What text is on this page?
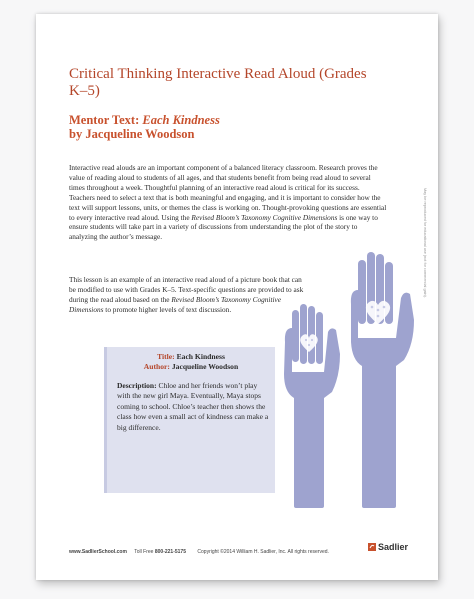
Critical Thinking Interactive Read Aloud (Grades K–5)
Mentor Text: Each Kindness
by Jacqueline Woodson

Interactive read alouds are an important component of a balanced literacy classroom. Research proves the value of reading aloud to students of all ages, and that students benefit from being read aloud to several times throughout a week. Thoughtful planning of an interactive read aloud is critical for its success. Teachers need to select a text that is both meaningful and engaging, and it is important to consider how the text will support lessons, units, or themes the class is working on. Thought-provoking questions are essential to every interactive read aloud. Using the Revised Bloom’s Taxonomy Cognitive Dimensions is one way to ensure students will take part in a variety of discussions from understanding the plot of the story to analyzing the author’s message.

This lesson is an example of an interactive read aloud of a picture book that can be modified to use with Grades K–5. Text-specific questions are provided to ask during the read aloud based on the Revised Bloom’s Taxonomy Cognitive Dimensions to promote higher levels of text discussion.

Title: Each Kindness
Author: Jacqueline Woodson

Description: Chloe and her friends won’t play with the new girl Maya. Eventually, Maya stops coming to school. Chloe’s teacher then shows the class how even a small act of kindness can make a big difference.

www.SadlierSchool.com Toll Free 800-221-5175 Copyright ©2014 William H. Sadlier, Inc. All rights reserved.	Sadlier
May be reproduced for educational use (not for commercial gain).
